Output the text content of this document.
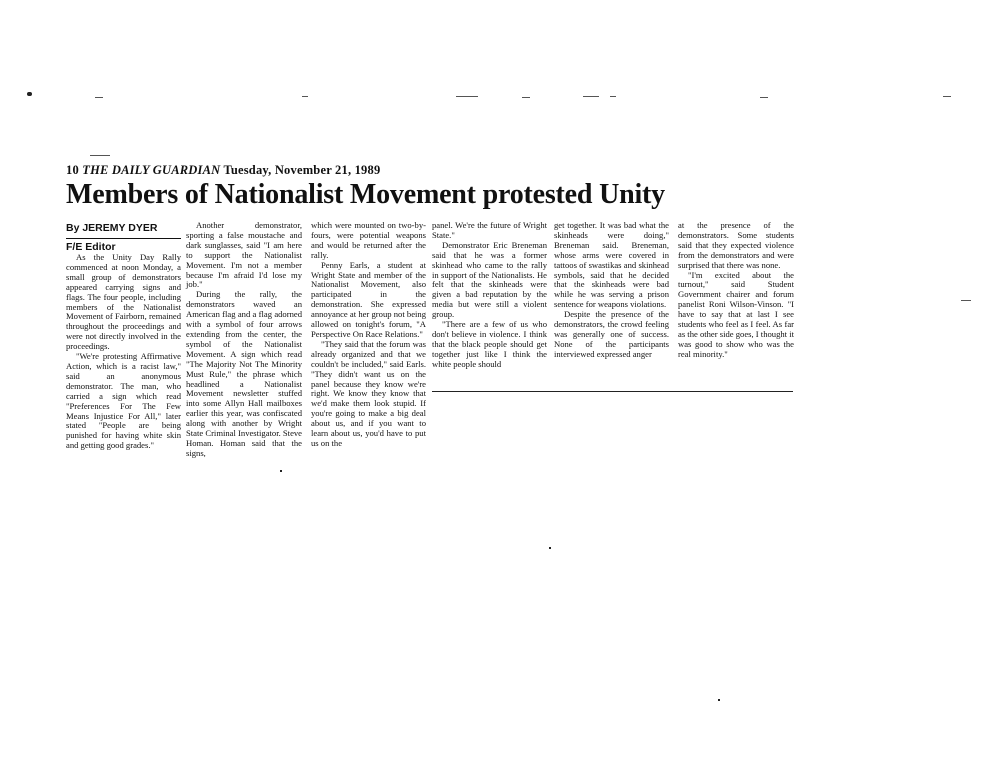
10 THE DAILY GUARDIAN Tuesday, November 21, 1989
Members of Nationalist Movement protested Unity
By JEREMY DYER
F/E Editor

As the Unity Day Rally commenced at noon Monday, a small group of demonstrators appeared carrying signs and flags. The four people, including members of the Nationalist Movement of Fairborn, remained throughout the proceedings and were not directly involved in the proceedings.

"We're protesting Affirmative Action, which is a racist law," said an anonymous demonstrator. The man, who carried a sign which read "Preferences For The Few Means Injustice For All," later stated "People are being punished for having white skin and getting good grades."

Another demonstrator, sporting a false moustache and dark sunglasses, said "I am here to support the Nationalist Movement. I'm not a member because I'm afraid I'd lose my job."

During the rally, the demonstrators waved an American flag and a flag adorned with a symbol of four arrows extending from the center, the symbol of the Nationalist Movement. A sign which read "The Majority Not The Minority Must Rule," the phrase which headlined a Nationalist Movement newsletter stuffed into some Allyn Hall mailboxes earlier this year, was confiscated along with another by Wright State Criminal Investigator. Steve Homan. Homan said that the signs,

which were mounted on two-by-fours, were potential weapons and would be returned after the rally.

Penny Earls, a student at Wright State and member of the Nationalist Movement, also participated in the demonstration. She expressed annoyance at her group not being allowed on tonight's forum, "A Perspective On Race Relations."

"They said that the forum was already organized and that we couldn't be included," said Earls. "They didn't want us on the panel because they know we're right. We know they know that we'd make them look stupid. If you're going to make a big deal about us, and if you want to learn about us, you'd have to put us on the

panel. We're the future of Wright State."

Demonstrator Eric Breneman said that he was a former skinhead who came to the rally in support of the Nationalists. He felt that the skinheads were given a bad reputation by the media but were still a violent group.

"There are a few of us who don't believe in violence. I think that the black people should get together just like I think the white people should

get together. It was bad what the skinheads were doing," Breneman said. Breneman, whose arms were covered in tattoos of swastikas and skinhead symbols, said that he decided that the skinheads were bad while he was serving a prison sentence for weapons violations.

Despite the presence of the demonstrators, the crowd feeling was generally one of success. None of the participants interviewed expressed anger

at the presence of the demonstrators. Some students said that they expected violence from the demonstrators and were surprised that there was none.

"I'm excited about the turnout," said Student Government chairer and forum panelist Roni Wilson-Vinson. "I have to say that at last I see students who feel as I feel. As far as the other side goes, I thought it was good to show who was the real minority."
